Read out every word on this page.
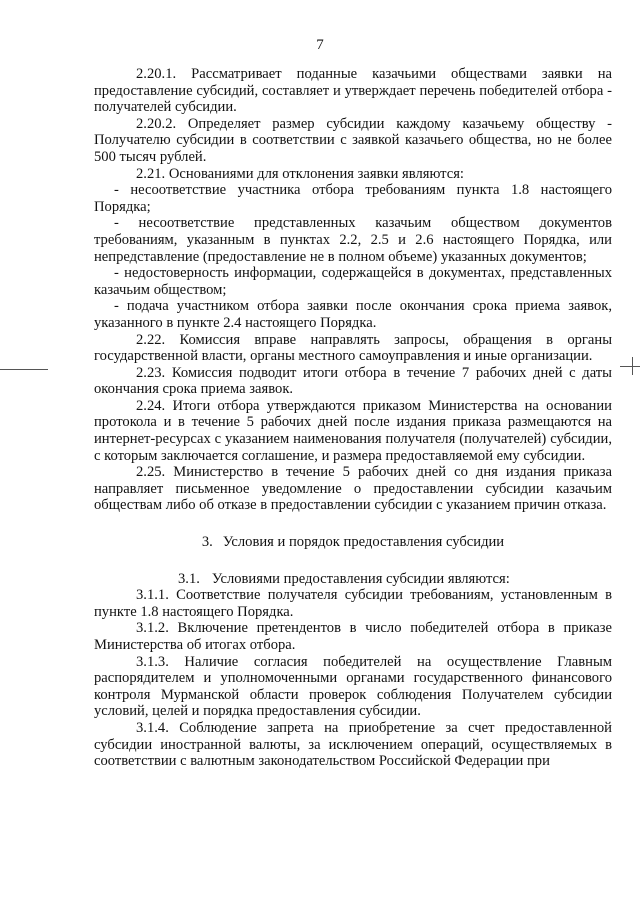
7

2.20.1. Рассматривает поданные казачьими обществами заявки на предоставление субсидий, составляет и утверждает перечень победителей отбора - получателей субсидии.

2.20.2. Определяет размер субсидии каждому казачьему обществу - Получателю субсидии в соответствии с заявкой казачьего общества, но не более 500 тысяч рублей.

2.21. Основаниями для отклонения заявки являются:

- несоответствие участника отбора требованиям пункта 1.8 настоящего Порядка;

- несоответствие представленных казачьим обществом документов требованиям, указанным в пунктах 2.2, 2.5 и 2.6 настоящего Порядка, или непредставление (предоставление не в полном объеме) указанных документов;

- недостоверность информации, содержащейся в документах, представленных казачьим обществом;

- подача участником отбора заявки после окончания срока приема заявок, указанного в пункте 2.4 настоящего Порядка.

2.22. Комиссия вправе направлять запросы, обращения в органы государственной власти, органы местного самоуправления и иные организации.

2.23. Комиссия подводит итоги отбора в течение 7 рабочих дней с даты окончания срока приема заявок.

2.24. Итоги отбора утверждаются приказом Министерства на основании протокола и в течение 5 рабочих дней после издания приказа размещаются на интернет-ресурсах с указанием наименования получателя (получателей) субсидии, с которым заключается соглашение, и размера предоставляемой ему субсидии.

2.25. Министерство в течение 5 рабочих дней со дня издания приказа направляет письменное уведомление о предоставлении субсидии казачьим обществам либо об отказе в предоставлении субсидии с указанием причин отказа.

3. Условия и порядок предоставления субсидии

3.1. Условиями предоставления субсидии являются:

3.1.1. Соответствие получателя субсидии требованиям, установленным в пункте 1.8 настоящего Порядка.

3.1.2. Включение претендентов в число победителей отбора в приказе Министерства об итогах отбора.

3.1.3. Наличие согласия победителей на осуществление Главным распорядителем и уполномоченными органами государственного финансового контроля Мурманской области проверок соблюдения Получателем субсидии условий, целей и порядка предоставления субсидии.

3.1.4. Соблюдение запрета на приобретение за счет предоставленной субсидии иностранной валюты, за исключением операций, осуществляемых в соответствии с валютным законодательством Российской Федерации при
